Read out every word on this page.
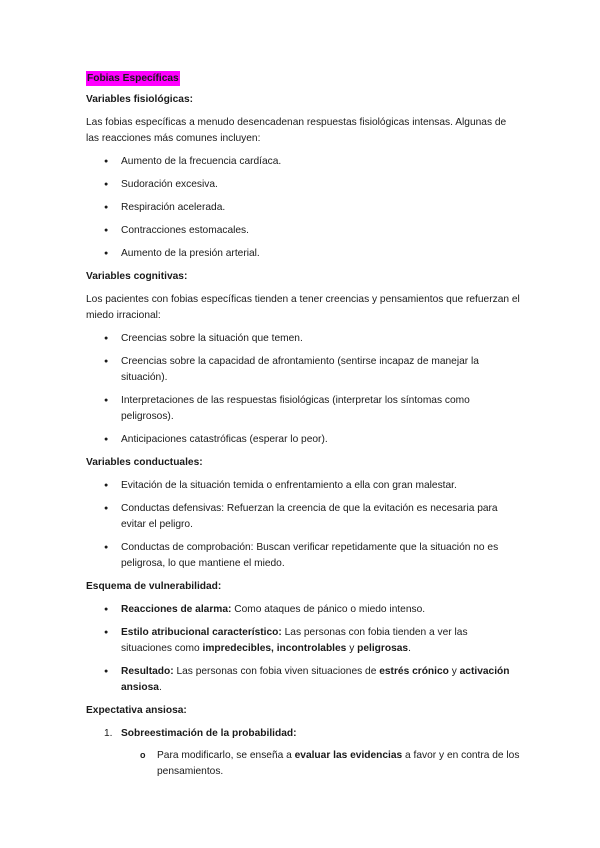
Fobias Específicas
Variables fisiológicas:
Las fobias específicas a menudo desencadenan respuestas fisiológicas intensas. Algunas de las reacciones más comunes incluyen:
● Aumento de la frecuencia cardíaca.
● Sudoración excesiva.
● Respiración acelerada.
● Contracciones estomacales.
● Aumento de la presión arterial.
Variables cognitivas:
Los pacientes con fobias específicas tienden a tener creencias y pensamientos que refuerzan el miedo irracional:
● Creencias sobre la situación que temen.
● Creencias sobre la capacidad de afrontamiento (sentirse incapaz de manejar la situación).
● Interpretaciones de las respuestas fisiológicas (interpretar los síntomas como peligrosos).
● Anticipaciones catastróficas (esperar lo peor).
Variables conductuales:
● Evitación de la situación temida o enfrentamiento a ella con gran malestar.
● Conductas defensivas: Refuerzan la creencia de que la evitación es necesaria para evitar el peligro.
● Conductas de comprobación: Buscan verificar repetidamente que la situación no es peligrosa, lo que mantiene el miedo.
Esquema de vulnerabilidad:
● Reacciones de alarma: Como ataques de pánico o miedo intenso.
● Estilo atribucional característico: Las personas con fobia tienden a ver las situaciones como impredecibles, incontrolables y peligrosas.
● Resultado: Las personas con fobia viven situaciones de estrés crónico y activación ansiosa.
Expectativa ansiosa:
1. Sobreestimación de la probabilidad:
o Para modificarlo, se enseña a evaluar las evidencias a favor y en contra de los pensamientos.
